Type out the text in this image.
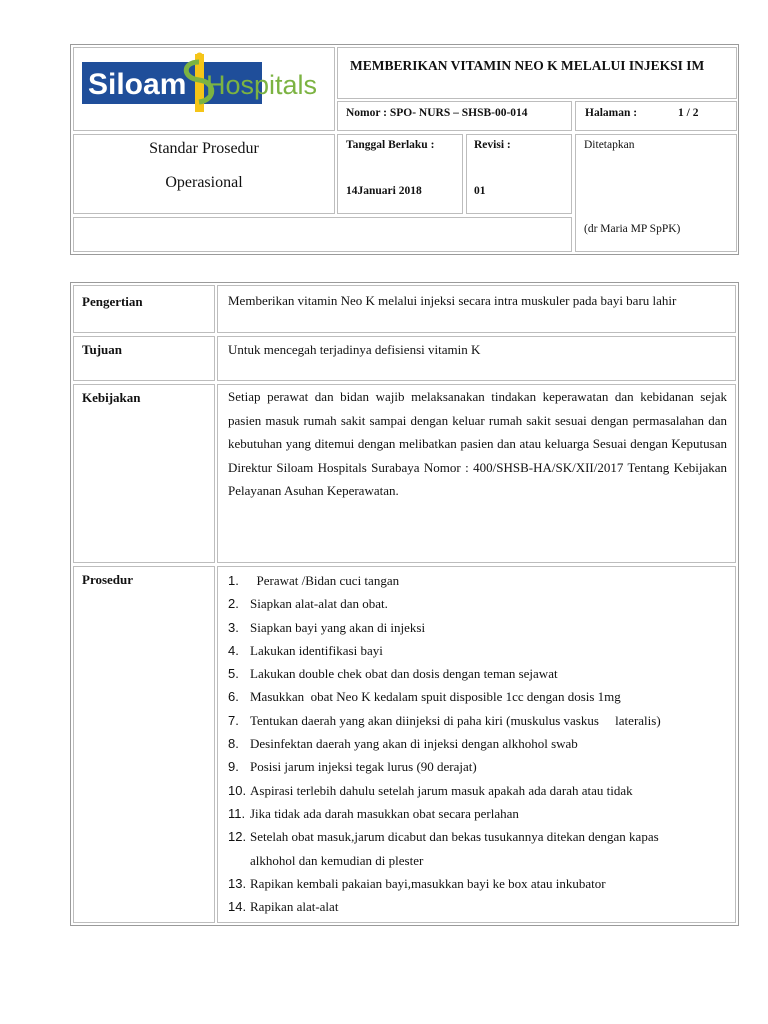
Siloam Hospitals
MEMBERIKAN VITAMIN NEO K MELALUI INJEKSI IM
Nomor : SPO- NURS – SHSB-00-014	Halaman :	1 / 2
Standar Prosedur
Operasional
Tanggal Berlaku :
14Januari 2018
Revisi :
01
Ditetapkan
(dr Maria MP SpPK)
Pengertian	Memberikan vitamin Neo K melalui injeksi secara intra muskuler pada bayi baru lahir
Tujuan	Untuk mencegah terjadinya defisiensi vitamin K
Kebijakan	Setiap perawat dan bidan wajib melaksanakan tindakan keperawatan dan kebidanan sejak pasien masuk rumah sakit sampai dengan keluar rumah sakit sesuai dengan permasalahan dan kebutuhan yang ditemui dengan melibatkan pasien dan atau keluarga Sesuai dengan Keputusan Direktur Siloam Hospitals Surabaya Nomor : 400/SHSB-HA/SK/XII/2017 Tentang Kebijakan Pelayanan Asuhan Keperawatan.

Prosedur	1. Perawat /Bidan cuci tangan
2. Siapkan alat-alat dan obat.
3. Siapkan bayi yang akan di injeksi
4. Lakukan identifikasi bayi
5. Lakukan double chek obat dan dosis dengan teman sejawat
6. Masukkan  obat Neo K kedalam spuit disposible 1cc dengan dosis 1mg
7. Tentukan daerah yang akan diinjeksi di paha kiri (muskulus vaskus     lateralis)
8. Desinfektan daerah yang akan di injeksi dengan alkhohol swab
9. Posisi jarum injeksi tegak lurus (90 derajat)
10. Aspirasi terlebih dahulu setelah jarum masuk apakah ada darah atau tidak
11. Jika tidak ada darah masukkan obat secara perlahan
12. Setelah obat masuk,jarum dicabut dan bekas tusukannya ditekan dengan kapas alkhohol dan kemudian di plester
13. Rapikan kembali pakaian bayi,masukkan bayi ke box atau inkubator
14. Rapikan alat-alat
